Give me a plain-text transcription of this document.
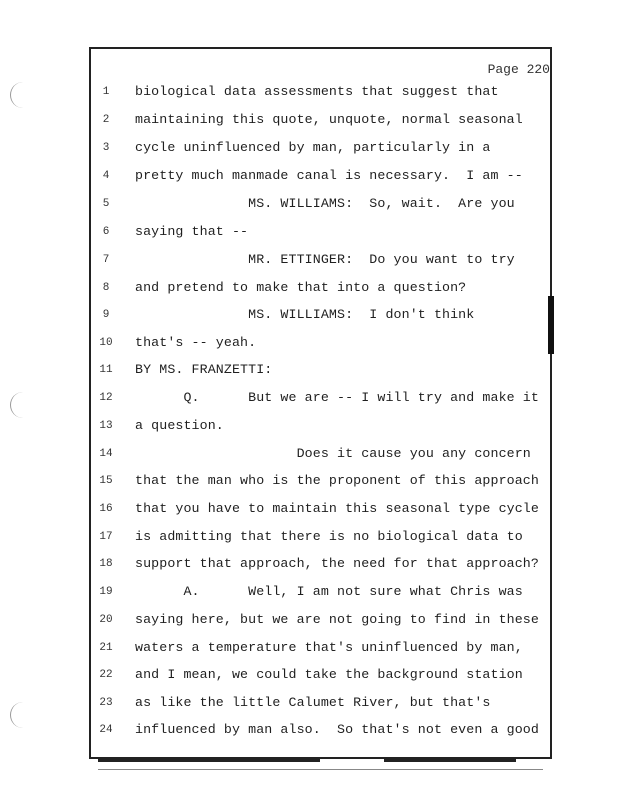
Page 220
1	biological data assessments that suggest that
2	maintaining this quote, unquote, normal seasonal
3	cycle uninfluenced by man, particularly in a
4	pretty much manmade canal is necessary.  I am --
5	MS. WILLIAMS:  So, wait.  Are you
6	saying that --
7	MR. ETTINGER:  Do you want to try
8	and pretend to make that into a question?
9	MS. WILLIAMS:  I don't think
10	that's -- yeah.
11	BY MS. FRANZETTI:
12	Q.      But we are -- I will try and make it
13	a question.
14	Does it cause you any concern
15	that the man who is the proponent of this approach
16	that you have to maintain this seasonal type cycle
17	is admitting that there is no biological data to
18	support that approach, the need for that approach?
19	A.      Well, I am not sure what Chris was
20	saying here, but we are not going to find in these
21	waters a temperature that's uninfluenced by man,
22	and I mean, we could take the background station
23	as like the little Calumet River, but that's
24	influenced by man also.  So that's not even a good
